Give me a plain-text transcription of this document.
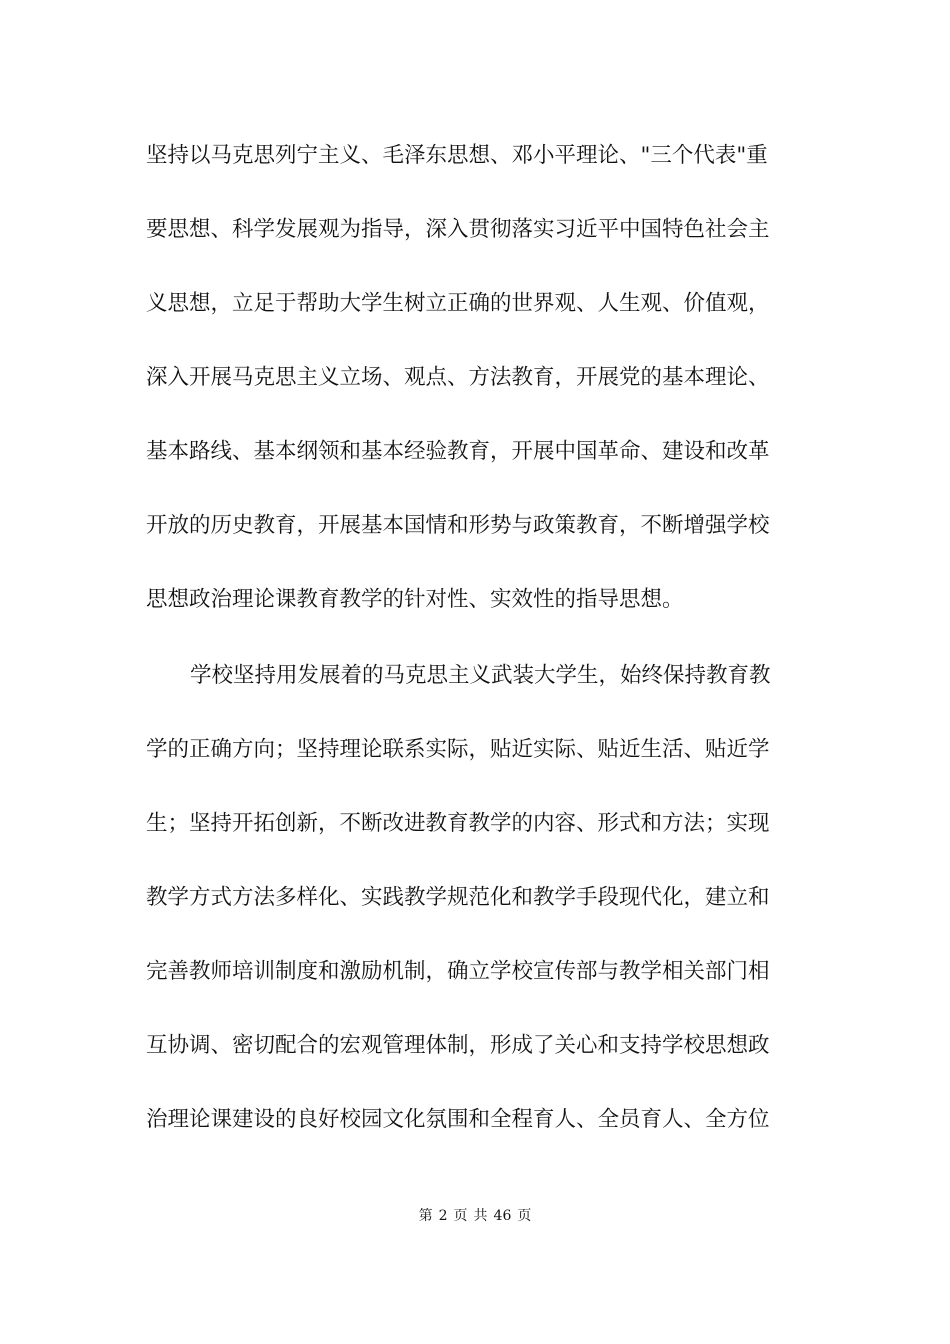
坚持以马克思列宁主义、毛泽东思想、邓小平理论、"三个代表"重
要思想、科学发展观为指导，深入贯彻落实习近平中国特色社会主
义思想，立足于帮助大学生树立正确的世界观、人生观、价值观，
深入开展马克思主义立场、观点、方法教育，开展党的基本理论、
基本路线、基本纲领和基本经验教育，开展中国革命、建设和改革
开放的历史教育，开展基本国情和形势与政策教育，不断增强学校
思想政治理论课教育教学的针对性、实效性的指导思想。
学校坚持用发展着的马克思主义武装大学生，始终保持教育教
学的正确方向；坚持理论联系实际，贴近实际、贴近生活、贴近学
生；坚持开拓创新，不断改进教育教学的内容、形式和方法；实现
教学方式方法多样化、实践教学规范化和教学手段现代化，建立和
完善教师培训制度和激励机制，确立学校宣传部与教学相关部门相
互协调、密切配合的宏观管理体制，形成了关心和支持学校思想政
治理论课建设的良好校园文化氛围和全程育人、全员育人、全方位
第 2 页 共 46 页
